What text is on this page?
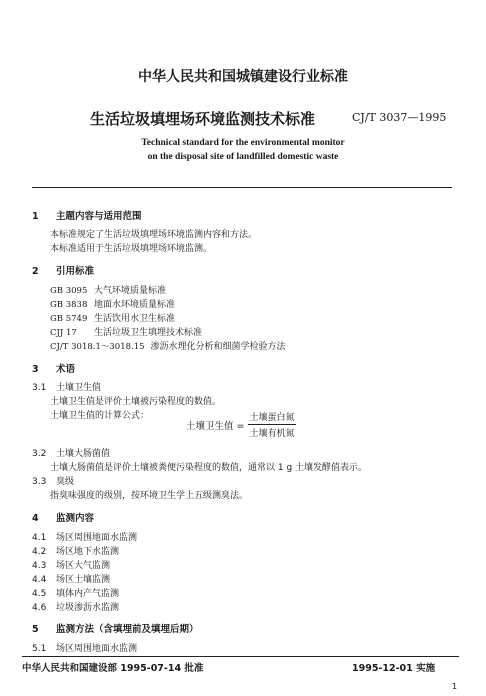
中华人民共和国城镇建设行业标准
生活垃圾填埋场环境监测技术标准	CJ/T 3037—1995
Technical standard for the environmental monitor
on the disposal site of landfilled domestic waste
1 主题内容与适用范围
本标准规定了生活垃圾填埋场环境监测内容和方法。
本标准适用于生活垃圾填埋场环境监测。
2 引用标准
GB 3095 大气环境质量标准
GB 3838 地面水环境质量标准
GB 5749 生活饮用水卫生标准
CJJ 17 生活垃圾卫生填埋技术标准
CJ/T 3018.1～3018.15 渗沥水理化分析和细菌学检验方法
3 术语
3.1 土壤卫生值
土壤卫生值是评价土壤被污染程度的数值。
土壤卫生值的计算公式：
土壤卫生值 =
土壤蛋白氮
土壤有机氮
3.2 土壤大肠菌值
土壤大肠菌值是评价土壤被粪便污染程度的数值，通常以 1 g 土壤发酵值表示。
3.3 臭级
指臭味强度的级别，按环境卫生学上五级测臭法。
4 监测内容
4.1 场区周围地面水监测
4.2 场区地下水监测
4.3 场区大气监测
4.4 场区土壤监测
4.5 填体内产气监测
4.6 垃圾渗沥水监测
5 监测方法（含填埋前及填埋后期）
5.1 场区周围地面水监测
中华人民共和国建设部 1995-07-14 批准	1995-12-01 实施
1
